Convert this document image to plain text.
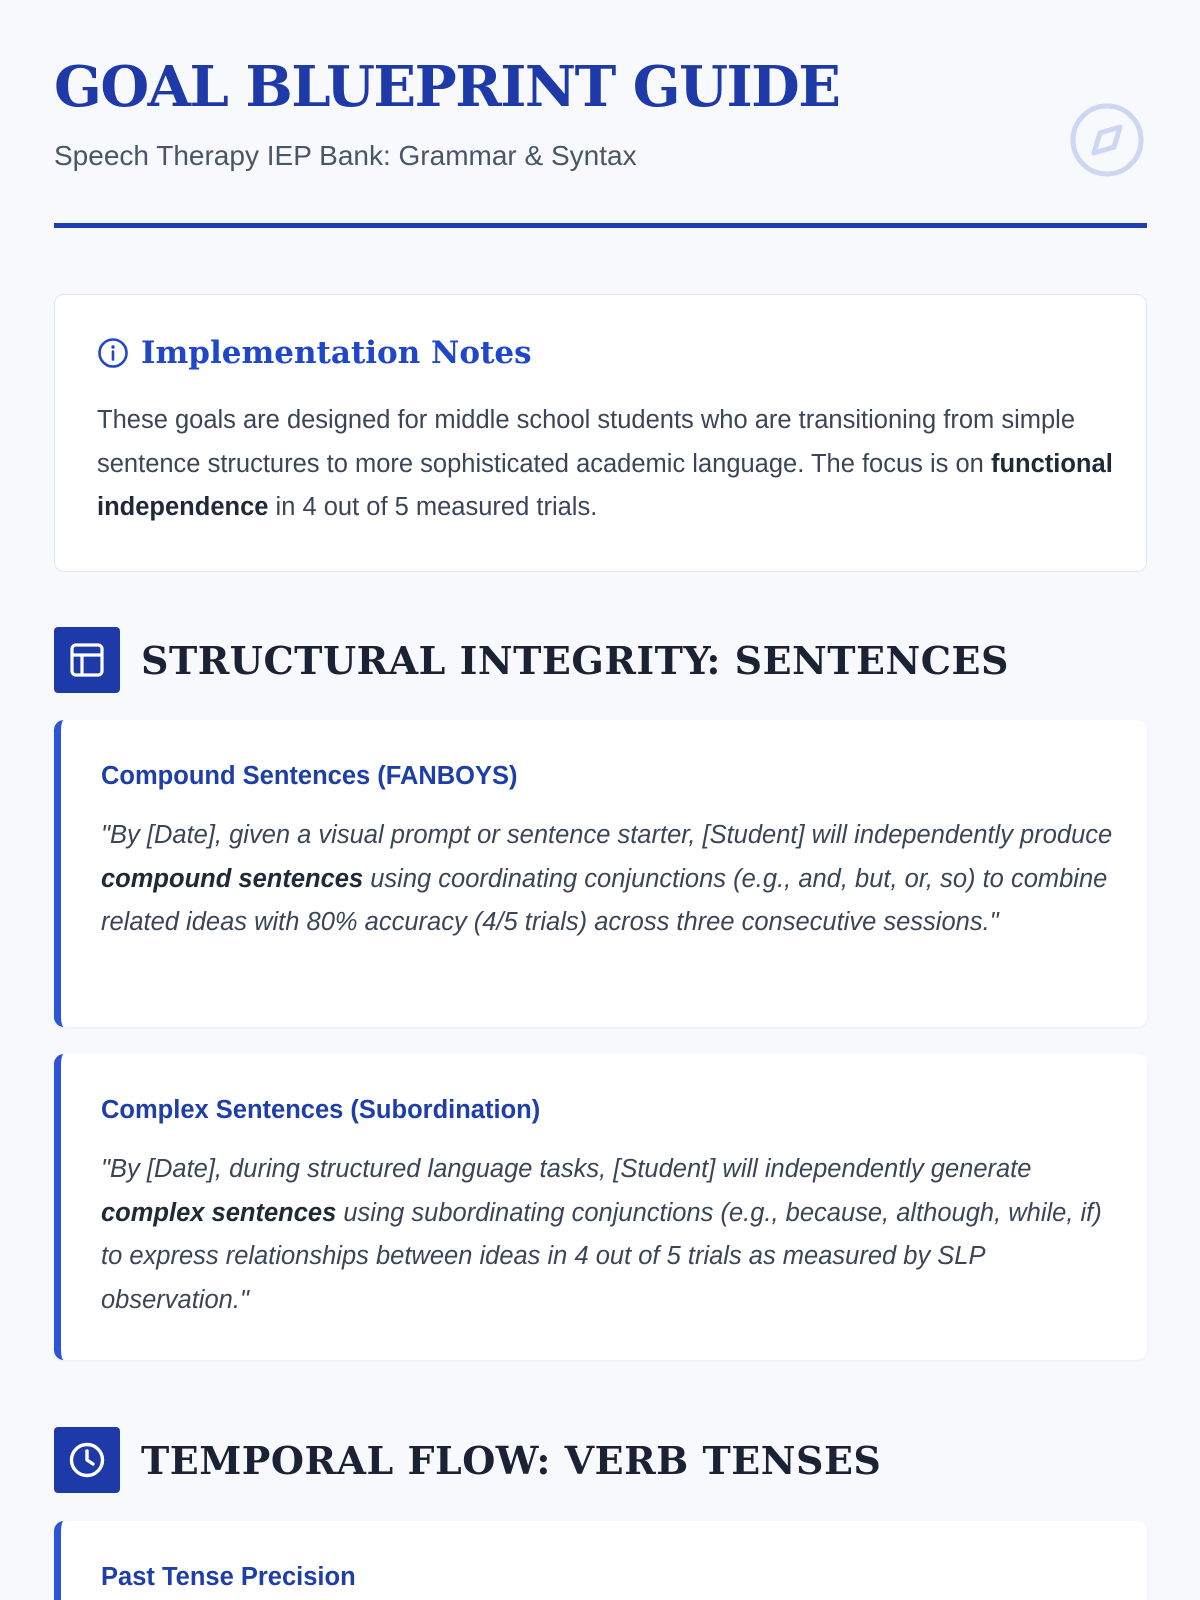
GOAL BLUEPRINT GUIDE
Speech Therapy IEP Bank: Grammar & Syntax
Implementation Notes

These goals are designed for middle school students who are transitioning from simple sentence structures to more sophisticated academic language. The focus is on functional independence in 4 out of 5 measured trials.

STRUCTURAL INTEGRITY: SENTENCES
Compound Sentences (FANBOYS)

"By [Date], given a visual prompt or sentence starter, [Student] will independently produce compound sentences using coordinating conjunctions (e.g., and, but, or, so) to combine related ideas with 80% accuracy (4/5 trials) across three consecutive sessions."

Complex Sentences (Subordination)

"By [Date], during structured language tasks, [Student] will independently generate complex sentences using subordinating conjunctions (e.g., because, although, while, if) to express relationships between ideas in 4 out of 5 trials as measured by SLP observation."

TEMPORAL FLOW: VERB TENSES
Past Tense Precision
